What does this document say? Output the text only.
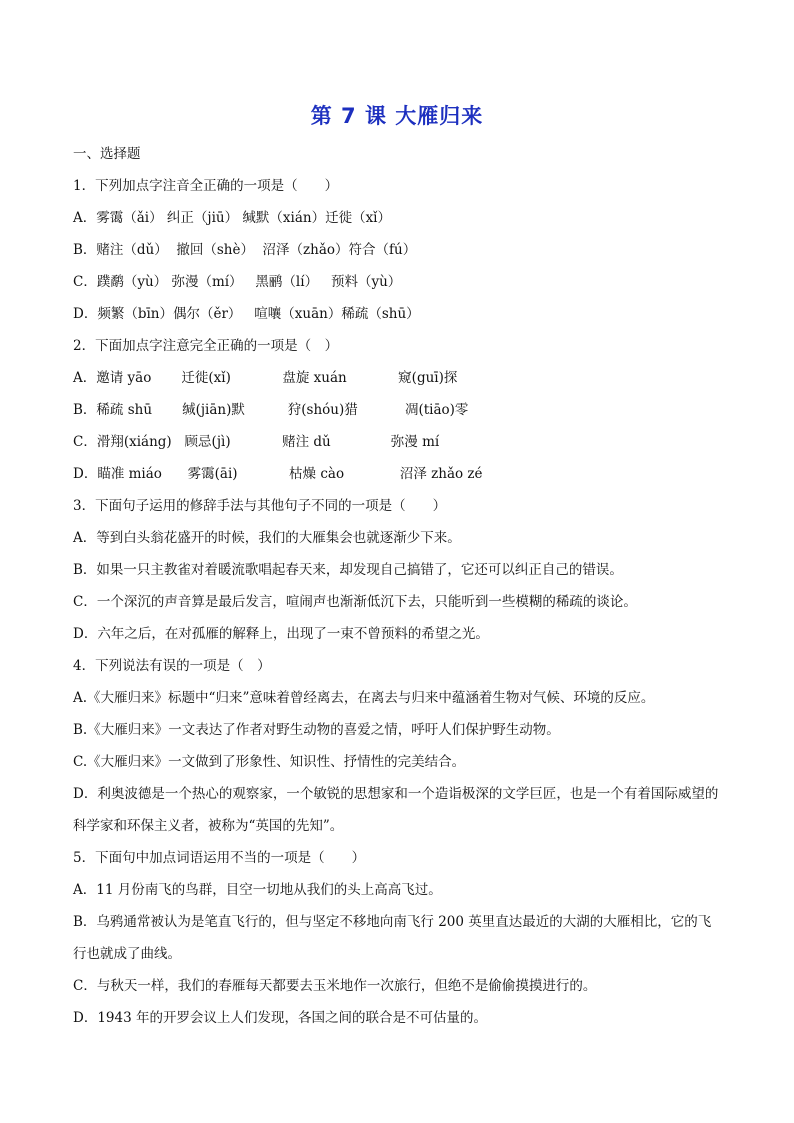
第 7 课 大雁归来
一、选择题
1．下列加点字注音全正确的一项是（　　）
A．雾霭（ǎi） 纠正（jiū） 缄默（xián）迁徙（xǐ）
B．赌注（dǔ）  撤回（shè）  沼泽（zhǎo）符合（fú）
C．蹼鹬（yù） 弥漫（mí）   黑鹂（lí）   预料（yù）
D．频繁（bīn）偶尔（ěr）   喧嚷（xuān）稀疏（shū）
2．下面加点字注意完全正确的一项是（　）
A．邀请 yāo       迁徙(xǐ)            盘旋 xuán            窥(guī)探
B．稀疏 shū       缄(jiān)默          狩(shóu)猎           凋(tiāo)零
C．滑翔(xiáng)   顾忌(jì)            赌注 dǔ              弥漫 mí
D．瞄准 miáo      雾霭(āi)            枯燥 cào             沼泽 zhǎo zé
3．下面句子运用的修辞手法与其他句子不同的一项是（　　）
A．等到白头翁花盛开的时候，我们的大雁集会也就逐渐少下来。
B．如果一只主教雀对着暖流歌唱起春天来，却发现自己搞错了，它还可以纠正自己的错误。
C．一个深沉的声音算是最后发言，喧闹声也渐渐低沉下去，只能听到一些模糊的稀疏的谈论。
D．六年之后，在对孤雁的解释上，出现了一束不曾预料的希望之光。
4．下列说法有误的一项是（　）
A.《大雁归来》标题中“归来”意味着曾经离去，在离去与归来中蕴涵着生物对气候、环境的反应。
B.《大雁归来》一文表达了作者对野生动物的喜爱之情，呼吁人们保护野生动物。
C.《大雁归来》一文做到了形象性、知识性、抒情性的完美结合。
D．利奥波德是一个热心的观察家，一个敏锐的思想家和一个造诣极深的文学巨匠，也是一个有着国际威望的科学家和环保主义者，被称为“英国的先知”。
5．下面句中加点词语运用不当的一项是（　　）
A．11 月份南飞的鸟群，目空一切地从我们的头上高高飞过。
B．乌鸦通常被认为是笔直飞行的，但与坚定不移地向南飞行 200 英里直达最近的大湖的大雁相比，它的飞行也就成了曲线。
C．与秋天一样，我们的春雁每天都要去玉米地作一次旅行，但绝不是偷偷摸摸进行的。
D．1943 年的开罗会议上人们发现，各国之间的联合是不可估量的。
